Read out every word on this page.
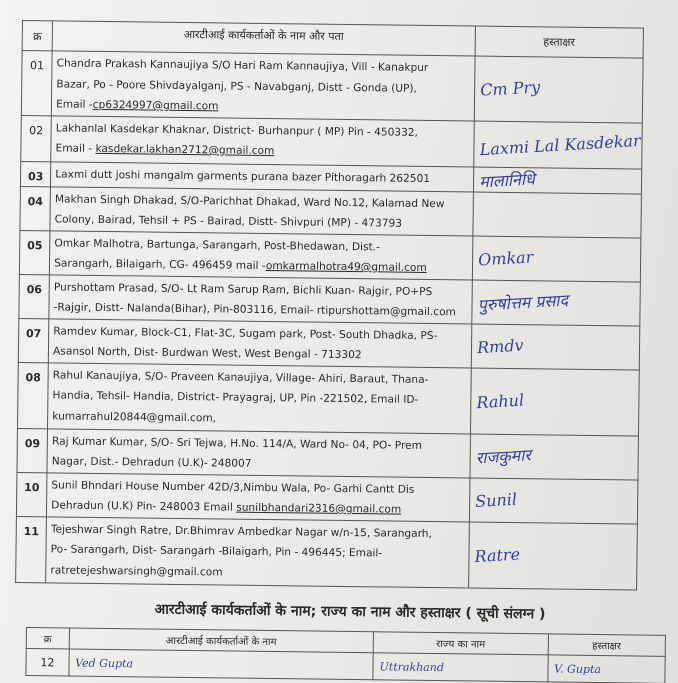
क्र	आरटीआई कार्यकर्ताओं के नाम और पता	हस्ताक्षर
01	Chandra Prakash Kannaujiya S/O Hari Ram Kannaujiya, Vill - Kanakpur
Bazar, Po - Poore Shivdayalganj, PS - Navabganj, Distt - Gonda (UP),
Email -cp6324997@gmail.com	Cm Pry
02	Lakhanlal Kasdekar Khaknar, District- Burhanpur ( MP) Pin - 450332,
Email - kasdekar.lakhan2712@gmail.com	Laxmi Lal Kasdekar
03	Laxmi dutt joshi mangalm garments purana bazer Pithoragarh 262501	मालानिधि
04	Makhan Singh Dhakad, S/O-Parichhat Dhakad, Ward No.12, Kalamad New
Colony, Bairad, Tehsil + PS - Bairad, Distt- Shivpuri (MP) - 473793	

05	Omkar Malhotra, Bartunga, Sarangarh, Post-Bhedawan, Dist.-
Sarangarh, Bilaigarh, CG- 496459 mail -omkarmalhotra49@gmail.com	Omkar
06	Purshottam Prasad, S/O- Lt Ram Sarup Ram, Bichli Kuan- Rajgir, PO+PS
-Rajgir, Distt- Nalanda(Bihar), Pin-803116, Email- rtipurshottam@gmail.com	पुरुषोत्तम प्रसाद
07	Ramdev Kumar, Block-C1, Flat-3C, Sugam park, Post- South Dhadka, PS-
Asansol North, Dist- Burdwan West, West Bengal - 713302	Rmdv
08	Rahul Kanaujiya, S/O- Praveen Kanaujiya, Village- Ahiri, Baraut, Thana-
Handia, Tehsil- Handia, District- Prayagraj, UP, Pin -221502, Email ID-
kumarrahul20844@gmail.com,	Rahul
09	Raj Kumar Kumar, S/O- Sri Tejwa, H.No. 114/A, Ward No- 04, PO- Prem
Nagar, Dist.- Dehradun (U.K)- 248007	राजकुमार
10	Sunil Bhndari House Number 42D/3,Nimbu Wala, Po- Garhi Cantt Dis
Dehradun (U.K) Pin- 248003 Email sunilbhandari2316@gmail.com	Sunil
11	Tejeshwar Singh Ratre, Dr.Bhimrav Ambedkar Nagar w/n-15, Sarangarh,
Po- Sarangarh, Dist- Sarangarh -Bilaigarh, Pin - 496445; Email-
ratretejeshwarsingh@gmail.com	Ratre
आरटीआई कार्यकर्ताओं के नाम; राज्य का नाम और हस्ताक्षर ( सूची संलग्न )
क्र	आरटीआई कार्यकर्ताओं के नाम	राज्य का नाम	हस्ताक्षर
12	Ved Gupta	Uttrakhand	V. Gupta
